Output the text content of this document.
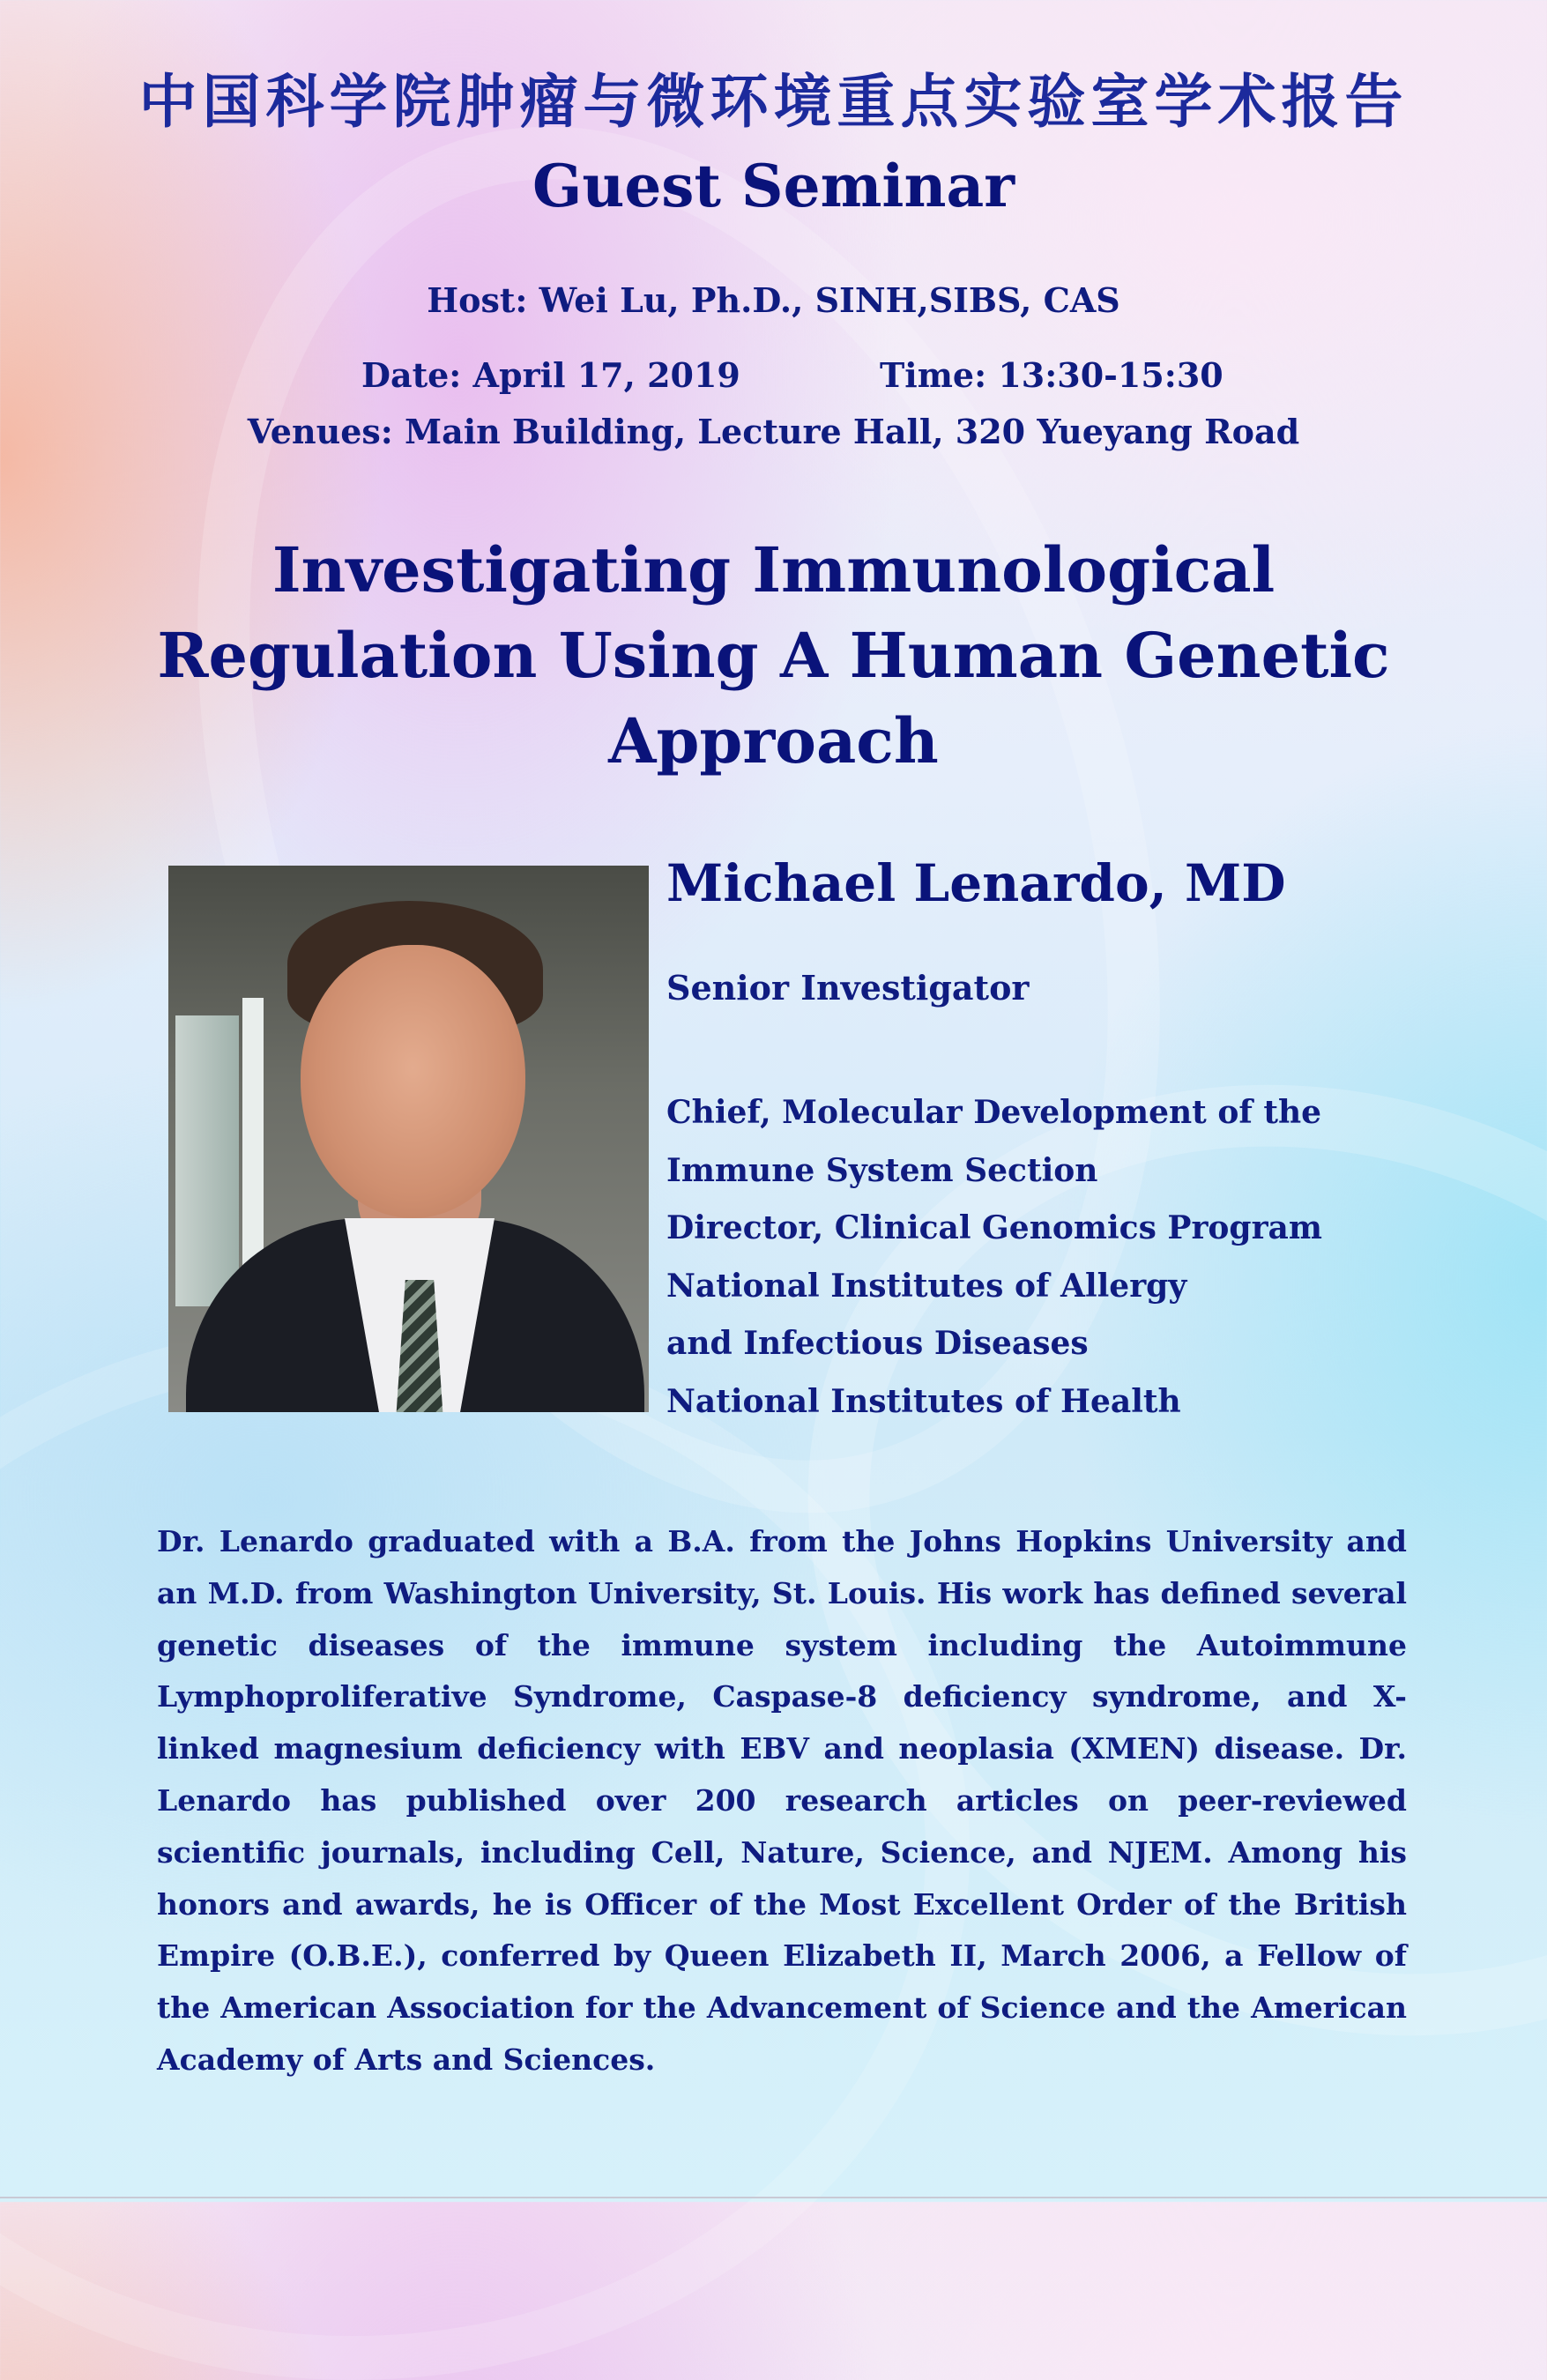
中国科学院肿瘤与微环境重点实验室学术报告
Guest Seminar
Host: Wei Lu, Ph.D., SINH,SIBS, CAS
Date: April 17, 2019	Time: 13:30-15:30
Venues: Main Building, Lecture Hall, 320 Yueyang Road
Investigating Immunological Regulation Using A Human Genetic Approach
Michael Lenardo, MD
Senior Investigator
Chief, Molecular Development of the
Immune System Section
Director, Clinical Genomics Program
National Institutes of Allergy
and Infectious Diseases
National Institutes of Health

Dr. Lenardo graduated with a B.A. from the Johns Hopkins University and an M.D. from Washington University, St. Louis. His work has defined several genetic diseases of the immune system including the Autoimmune Lymphoproliferative Syndrome, Caspase-8 deficiency syndrome, and X-linked magnesium deficiency with EBV and neoplasia (XMEN) disease. Dr. Lenardo has published over 200 research articles on peer-reviewed scientific journals, including Cell, Nature, Science, and NJEM. Among his honors and awards, he is Officer of the Most Excellent Order of the British Empire (O.B.E.), conferred by Queen Elizabeth II, March 2006, a Fellow of the American Association for the Advancement of Science and the American Academy of Arts and Sciences.
